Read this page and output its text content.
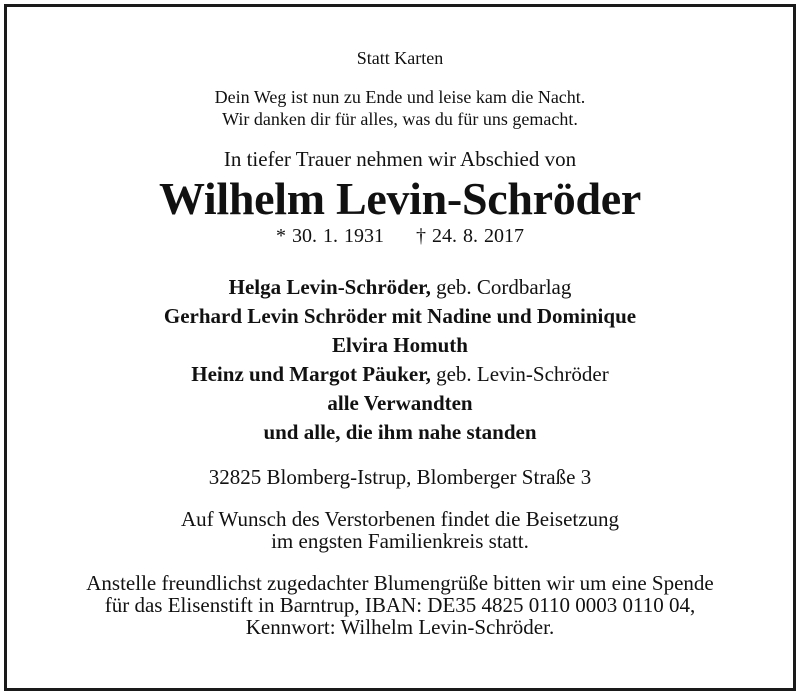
Statt Karten
Dein Weg ist nun zu Ende und leise kam die Nacht.
Wir danken dir für alles, was du für uns gemacht.
In tiefer Trauer nehmen wir Abschied von
Wilhelm Levin-Schröder
* 30. 1. 1931 † 24. 8. 2017
Helga Levin-Schröder, geb. Cordbarlag
Gerhard Levin Schröder mit Nadine und Dominique
Elvira Homuth
Heinz und Margot Päuker, geb. Levin-Schröder
alle Verwandten
und alle, die ihm nahe standen
32825 Blomberg-Istrup, Blomberger Straße 3
Auf Wunsch des Verstorbenen findet die Beisetzung
im engsten Familienkreis statt.
Anstelle freundlichst zugedachter Blumengrüße bitten wir um eine Spende
für das Elisenstift in Barntrup, IBAN: DE35 4825 0110 0003 0110 04,
Kennwort: Wilhelm Levin-Schröder.
